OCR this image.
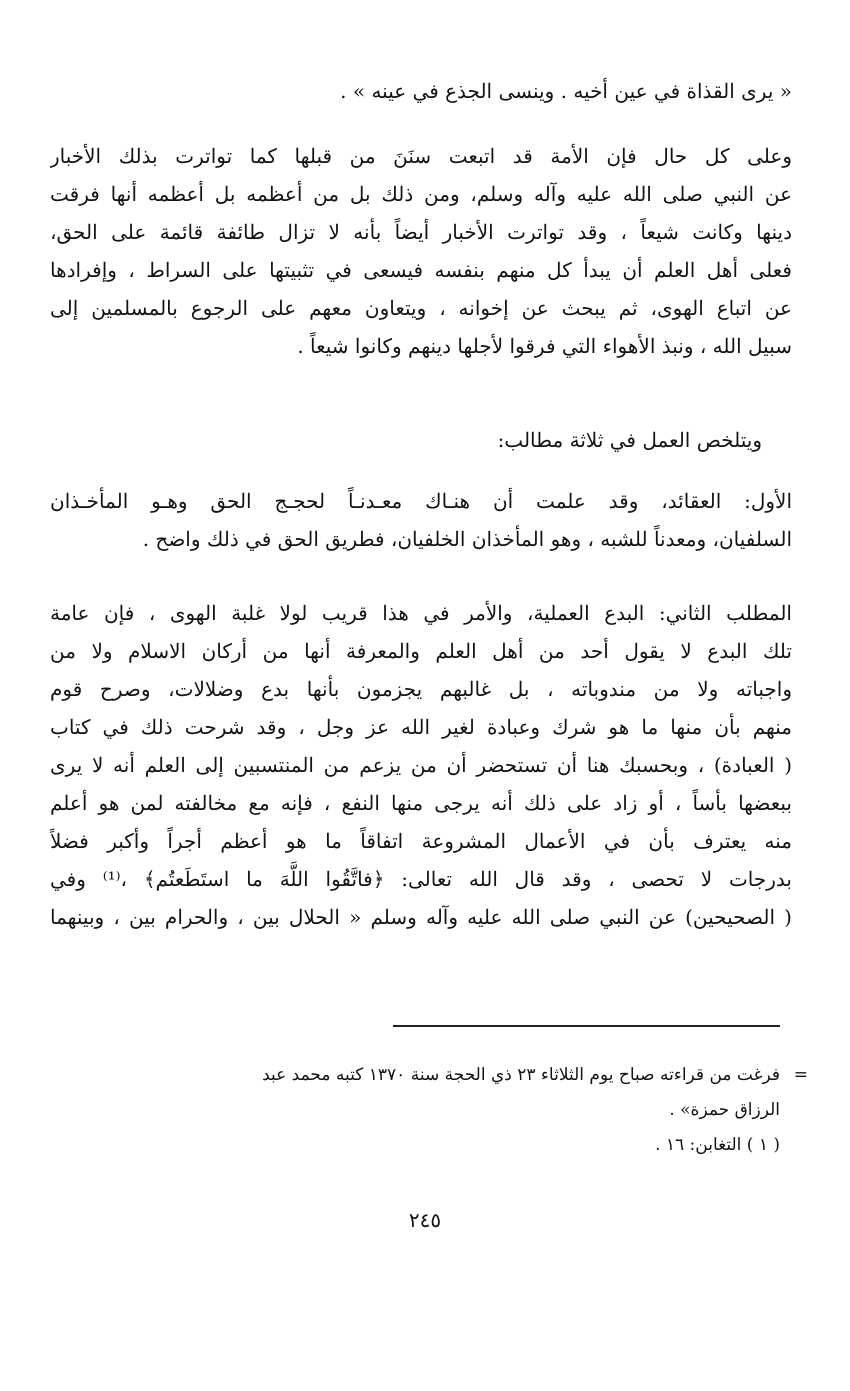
« يرى القذاة في عين أخيه . وينسى الجذع في عينه » .
وعلى كل حال فإن الأمة قد اتبعت سنَنَ من قبلها كما تواترت بذلك الأخبار
عن النبي صلى الله عليه وآله وسلم، ومن ذلك بل من أعظمه بل أعظمه أنها فرقت
دينها وكانت شيعاً ، وقد تواترت الأخبار أيضاً بأنه لا تزال طائفة قائمة على الحق،
فعلى أهل العلم أن يبدأ كل منهم بنفسه فيسعى في تثبيتها على السراط ، وإفرادها
عن اتباع الهوى، ثم يبحث عن إخوانه ، ويتعاون معهم على الرجوع بالمسلمين إلى
سبيل الله ، ونبذ الأهواء التي فرقوا لأجلها دينهم وكانوا شيعاً .
ويتلخص العمل في ثلاثة مطالب:
الأول: العقائد، وقد علمت أن هنـاك معـدنـاً لحجـج الحق وهـو المأخـذان
السلفيان، ومعدناً للشبه ، وهو المأخذان الخلفيان، فطريق الحق في ذلك واضح .
المطلب الثاني: البدع العملية، والأمر في هذا قريب لولا غلبة الهوى ، فإن عامة
تلك البدع لا يقول أحد من أهل العلم والمعرفة أنها من أركان الاسلام ولا من
واجباته ولا من مندوباته ، بل غالبهم يجزمون بأنها بدع وضلالات، وصرح قوم
منهم بأن منها ما هو شرك وعبادة لغير الله عز وجل ، وقد شرحت ذلك في كتاب
( العبادة) ، وبحسبك هنا أن تستحضر أن من يزعم من المنتسبين إلى العلم أنه لا يرى
ببعضها بأساً ، أو زاد على ذلك أنه يرجى منها النفع ، فإنه مع مخالفته لمن هو أعلم
منه يعترف بأن في الأعمال المشروعة اتفاقاً ما هو أعظم أجراً وأكبر فضلاً
بدرجات لا تحصى ، وقد قال الله تعالى: ﴿فاتَّقُوا اللَّهَ ما استَطَعتُم﴾ ،⁽¹⁾ وفي
( الصحيحين) عن النبي صلى الله عليه وآله وسلم « الحلال بين ، والحرام بين ، وبينهما
=
فرغت من قراءته صباح يوم الثلاثاء ٢٣ ذي الحجة سنة ١٣٧٠ كتبه محمد عبد
الرزاق حمزة» .
( ١ ) التغابن: ١٦ .
٢٤٥
